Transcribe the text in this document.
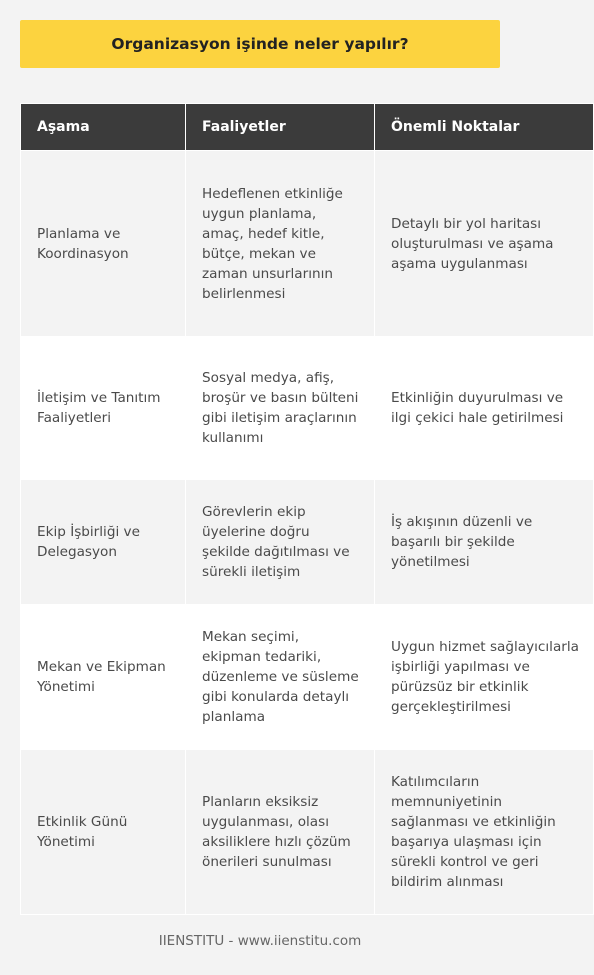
Organizasyon işinde neler yapılır?
Aşama	Faaliyetler	Önemli Noktalar
Planlama ve Koordinasyon	Hedeflenen etkinliğe uygun planlama, amaç, hedef kitle, bütçe, mekan ve zaman unsurlarının belirlenmesi	Detaylı bir yol haritası oluşturulması ve aşama aşama uygulanması
İletişim ve Tanıtım Faaliyetleri	Sosyal medya, afiş, broşür ve basın bülteni gibi iletişim araçlarının kullanımı	Etkinliğin duyurulması ve ilgi çekici hale getirilmesi
Ekip İşbirliği ve Delegasyon	Görevlerin ekip üyelerine doğru şekilde dağıtılması ve sürekli iletişim	İş akışının düzenli ve başarılı bir şekilde yönetilmesi
Mekan ve Ekipman Yönetimi	Mekan seçimi, ekipman tedariki, düzenleme ve süsleme gibi konularda detaylı planlama	Uygun hizmet sağlayıcılarla işbirliği yapılması ve pürüzsüz bir etkinlik gerçekleştirilmesi
Etkinlik Günü Yönetimi	Planların eksiksiz uygulanması, olası aksiliklere hızlı çözüm önerileri sunulması	Katılımcıların memnuniyetinin sağlanması ve etkinliğin başarıya ulaşması için sürekli kontrol ve geri bildirim alınması
IIENSTITU - www.iienstitu.com
